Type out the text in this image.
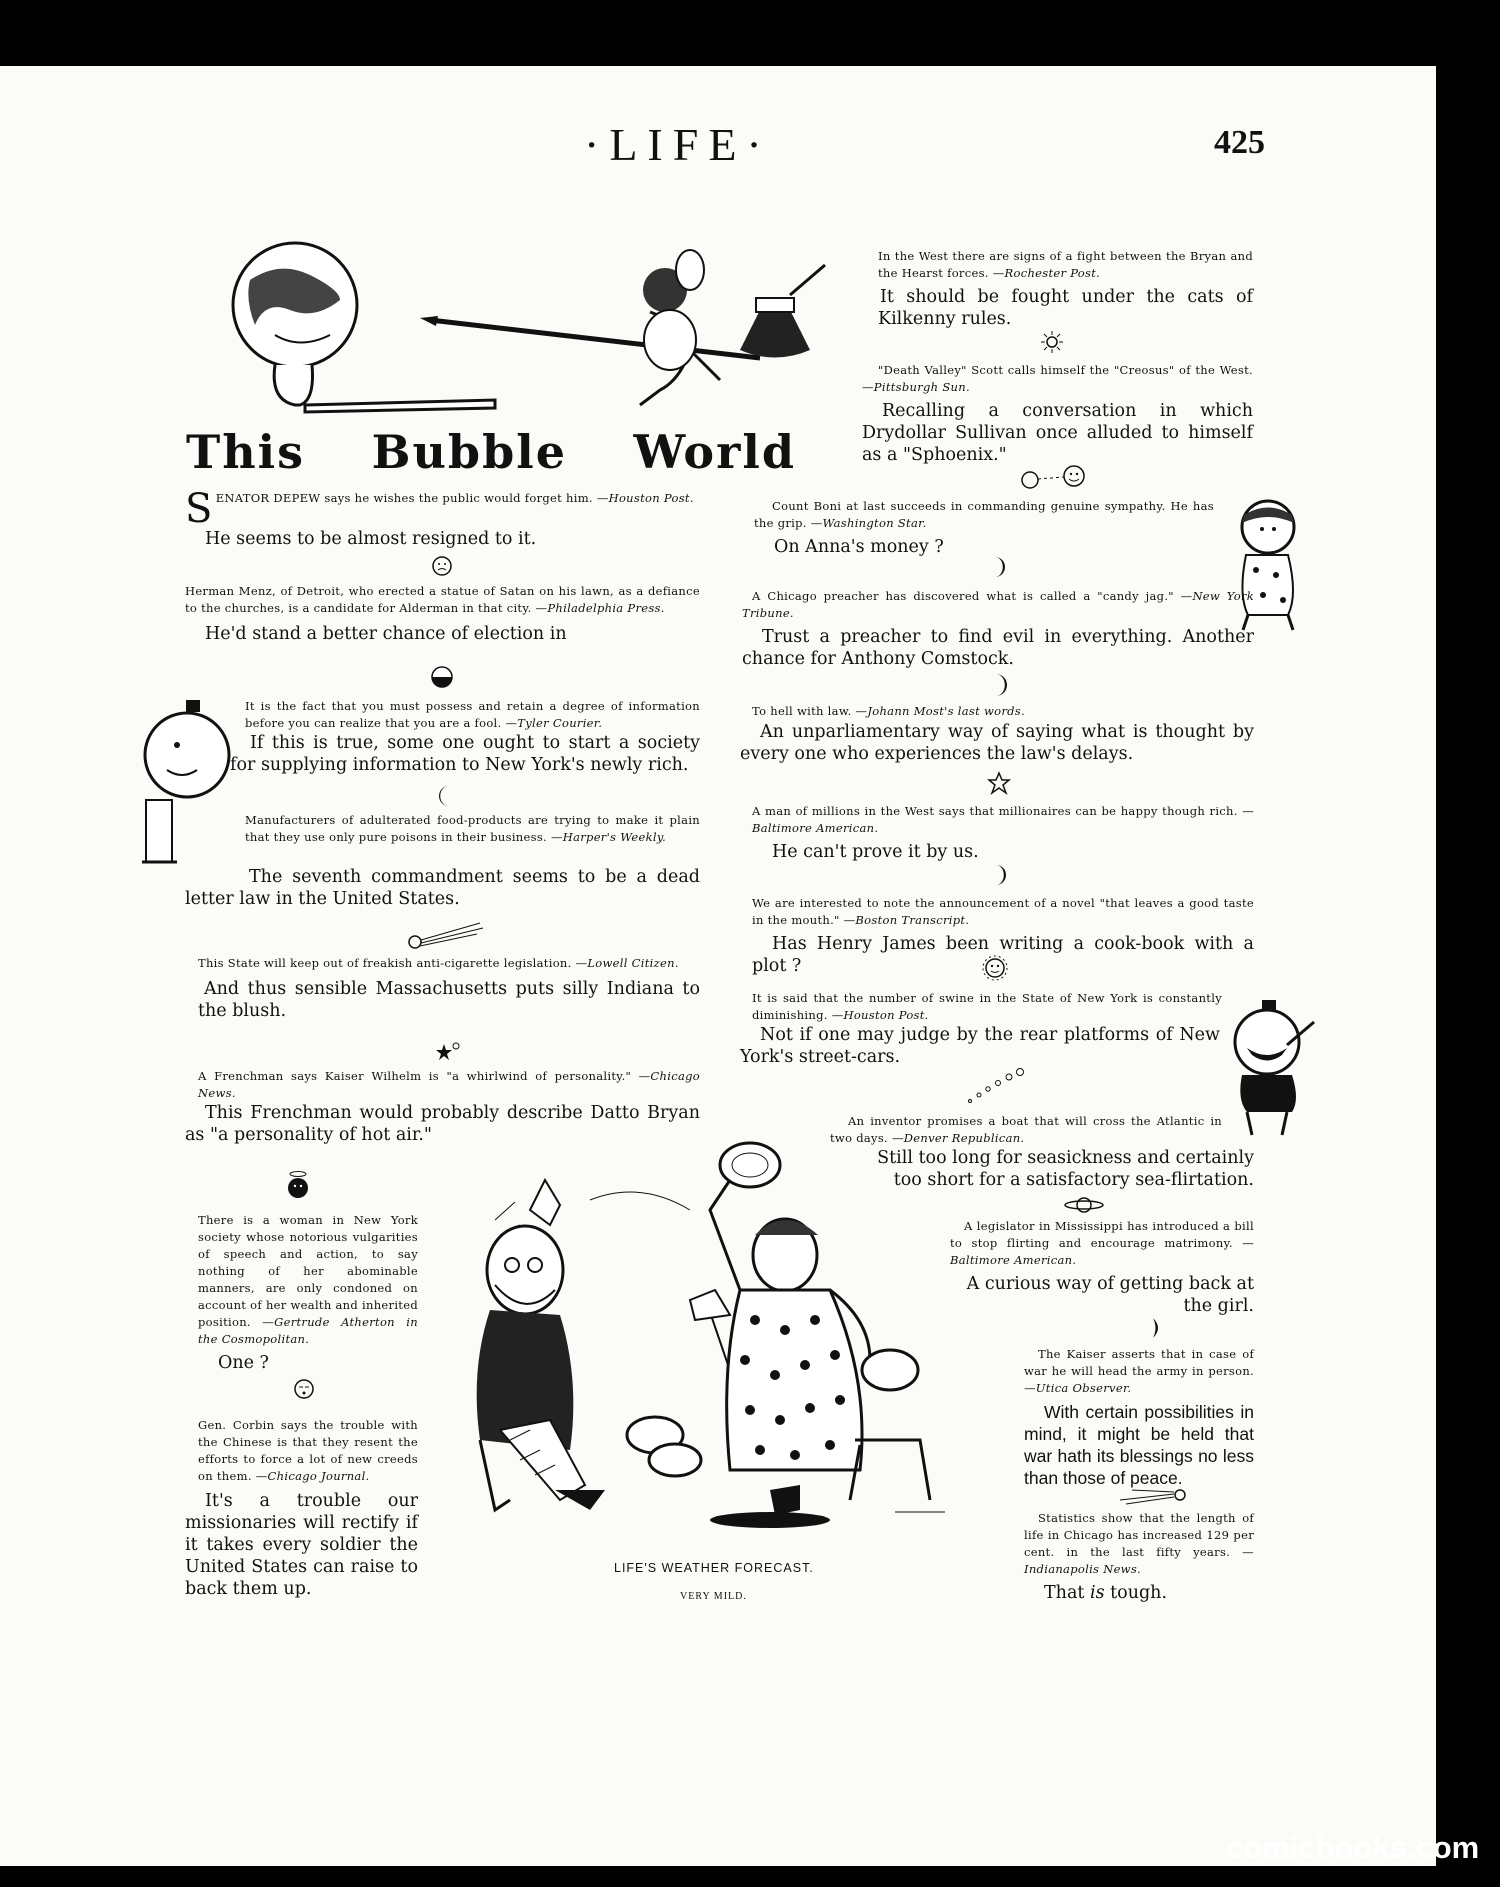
·LIFE·	425
This Bubble World

SENATOR DEPEW says he wishes the public would forget him. —Houston Post.

He seems to be almost resigned to it.

Herman Menz, of Detroit, who erected a statue of Satan on his lawn, as a defiance to the churches, is a candidate for Alderman in that city. —Philadelphia Press.

He'd stand a better chance of election in

It is the fact that you must possess and retain a degree of information before you can realize that you are a fool. —Tyler Courier.

If this is true, some one ought to start a society for supplying information to New York's newly rich.

Manufacturers of adulterated food-products are trying to make it plain that they use only pure poisons in their business. —Harper's Weekly.

The seventh commandment seems to be a dead letter law in the United States.

This State will keep out of freakish anti-cigarette legislation. —Lowell Citizen.

And thus sensible Massachusetts puts silly Indiana to the blush.

A Frenchman says Kaiser Wilhelm is "a whirlwind of personality." —Chicago News.

This Frenchman would probably describe Datto Bryan as "a personality of hot air."

There is a woman in New York society whose notorious vulgarities of speech and action, to say nothing of her abominable manners, are only condoned on account of her wealth and inherited position. —Gertrude Atherton in the Cosmopolitan.

One ?

Gen. Corbin says the trouble with the Chinese is that they resent the efforts to force a lot of new creeds on them. —Chicago Journal.

It's a trouble our missionaries will rectify if it takes every soldier the United States can raise to back them up.

LIFE'S WEATHER FORECAST.
VERY MILD.

In the West there are signs of a fight between the Bryan and the Hearst forces. —Rochester Post.

It should be fought under the cats of Kilkenny rules.

"Death Valley" Scott calls himself the "Creosus" of the West. —Pittsburgh Sun.

Recalling a conversation in which Drydollar Sullivan once alluded to himself as a "Sphoenix."

Count Boni at last succeeds in commanding genuine sympathy. He has the grip. —Washington Star.

On Anna's money ?

A Chicago preacher has discovered what is called a "candy jag." —New York Tribune.

Trust a preacher to find evil in everything. Another chance for Anthony Comstock.

To hell with law. —Johann Most's last words.

An unparliamentary way of saying what is thought by every one who experiences the law's delays.

A man of millions in the West says that millionaires can be happy though rich. —Baltimore American.

He can't prove it by us.

We are interested to note the announcement of a novel "that leaves a good taste in the mouth." —Boston Transcript.

Has Henry James been writing a cook-book with a plot ?

It is said that the number of swine in the State of New York is constantly diminishing. —Houston Post.

Not if one may judge by the rear platforms of New York's street-cars.

An inventor promises a boat that will cross the Atlantic in two days. —Denver Republican.

Still too long for seasickness and certainly too short for a satisfactory sea-flirtation.

A legislator in Mississippi has introduced a bill to stop flirting and encourage matrimony. —Baltimore American.

A curious way of getting back at the girl.

The Kaiser asserts that in case of war he will head the army in person. —Utica Observer.

With certain possibilities in mind, it might be held that war hath its blessings no less than those of peace.

Statistics show that the length of life in Chicago has increased 129 per cent. in the last fifty years. —Indianapolis News.

That is tough.

comicbooks.com
